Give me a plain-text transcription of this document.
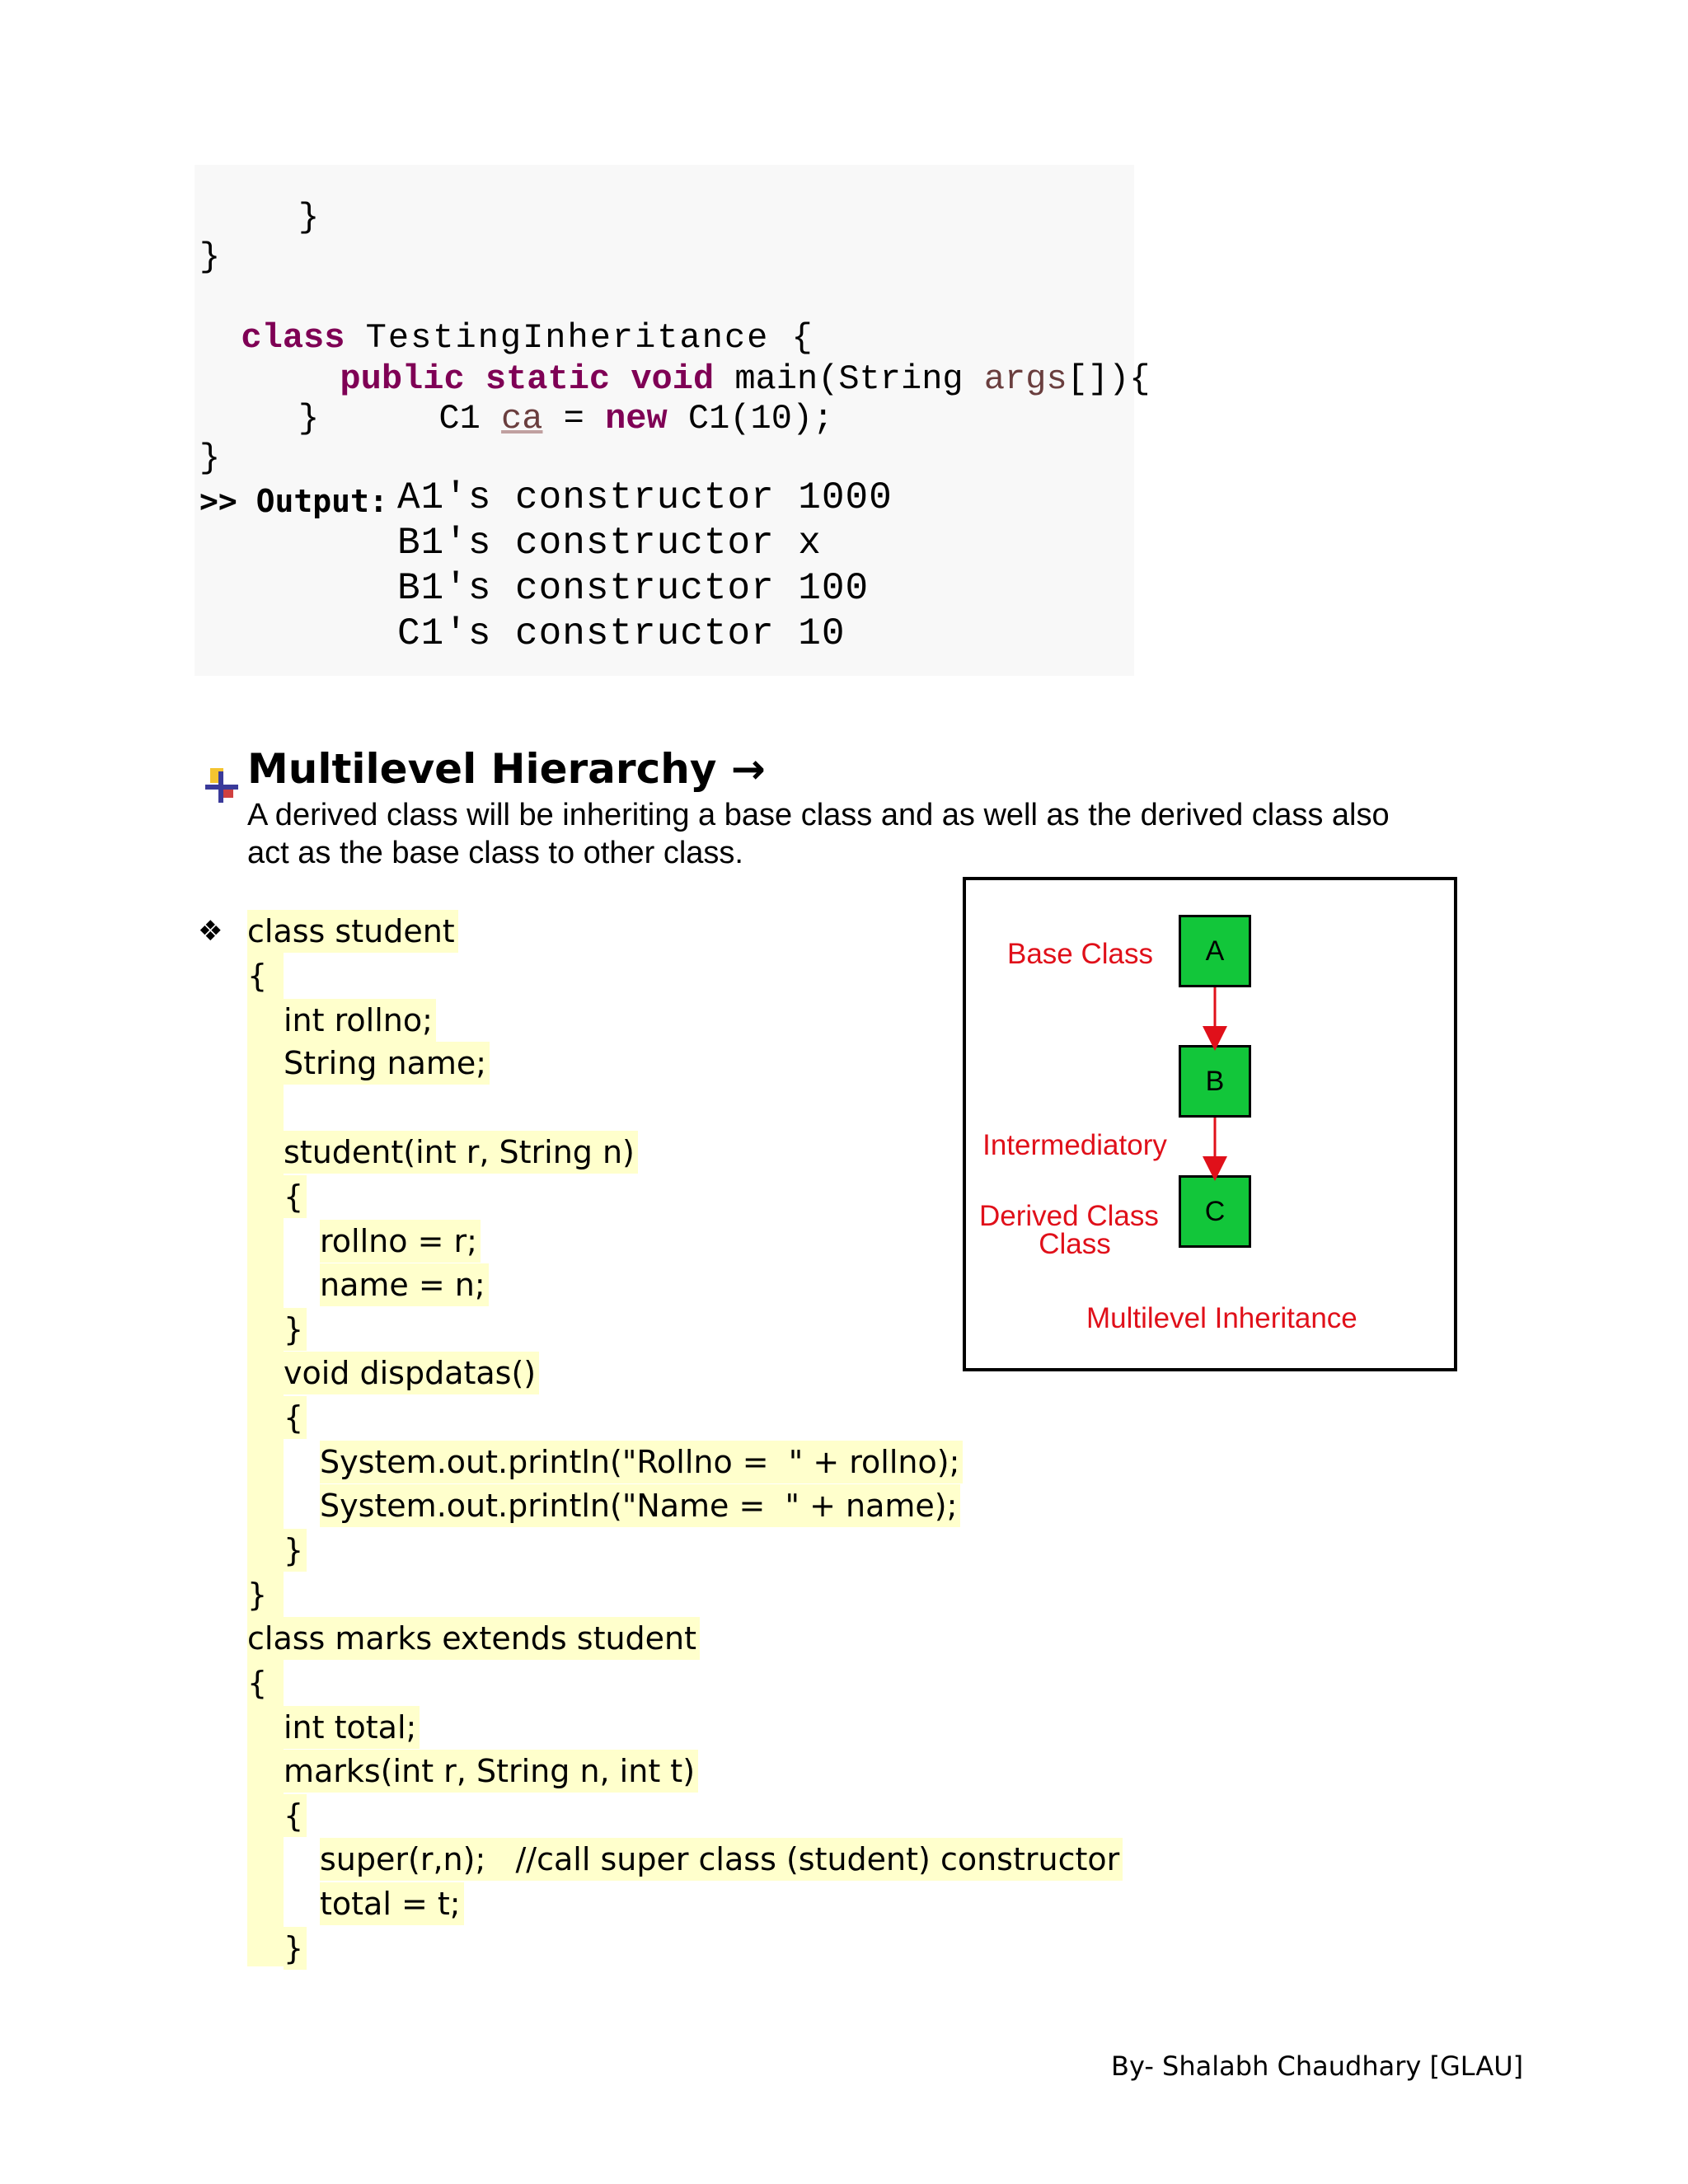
}
}

class TestingInheritance {

public static void main(String args[]){

C1 ca = new C1(10);

}
}
>> Output: A1's constructor 1000
B1's constructor x
B1's constructor 100
C1's constructor 10

Multilevel Hierarchy →
A derived class will be inheriting a base class and as well as the derived class also
act as the base class to other class.
❖ class student
{
int rollno;
String name;
student(int r, String n)
{
rollno = r;
name = n;
}
void dispdatas()
{
System.out.println("Rollno =  " + rollno);
System.out.println("Name =  " + name);
}
}
class marks extends student
{
int total;
marks(int r, String n, int t)
{
super(r,n);   //call super class (student) constructor
total = t;
}
Base Class

Intermediatory

Class

Derived Class
A
B
C
Multilevel Inheritance
By- Shalabh Chaudhary [GLAU]
